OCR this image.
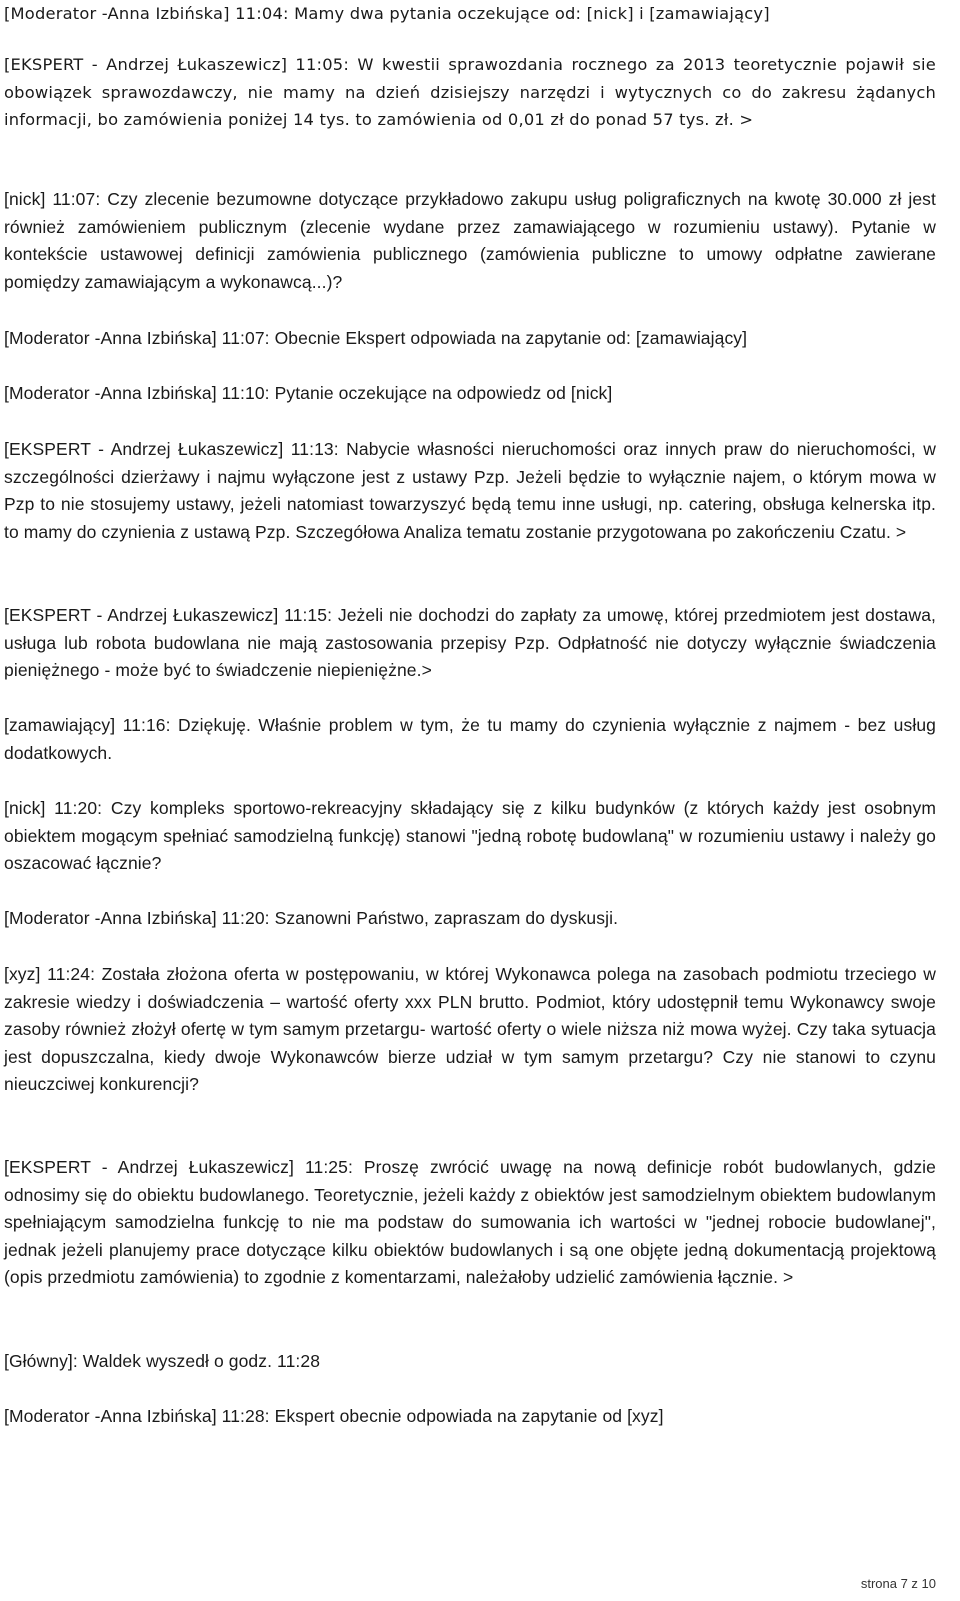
[Moderator -Anna Izbińska] 11:04: Mamy dwa pytania oczekujące od: [nick] i [zamawiający]

[EKSPERT - Andrzej Łukaszewicz] 11:05: W kwestii sprawozdania rocznego za 2013 teoretycznie pojawił sie obowiązek sprawozdawczy, nie mamy na dzień dzisiejszy narzędzi i wytycznych co do zakresu żądanych informacji, bo zamówienia poniżej 14 tys. to zamówienia od 0,01 zł do ponad 57 tys. zł. >

[nick] 11:07: Czy zlecenie bezumowne dotyczące przykładowo zakupu usług poligraficznych na kwotę 30.000 zł jest również zamówieniem publicznym (zlecenie wydane przez zamawiającego w rozumieniu ustawy). Pytanie w kontekście ustawowej definicji zamówienia publicznego (zamówienia publiczne to umowy odpłatne zawierane pomiędzy zamawiającym a wykonawcą...)?

[Moderator -Anna Izbińska] 11:07: Obecnie Ekspert odpowiada na zapytanie od: [zamawiający]

[Moderator -Anna Izbińska] 11:10: Pytanie oczekujące na odpowiedz od [nick]

[EKSPERT - Andrzej Łukaszewicz] 11:13: Nabycie własności nieruchomości oraz innych praw do nieruchomości, w szczególności dzierżawy i najmu wyłączone jest z ustawy Pzp. Jeżeli będzie to wyłącznie najem, o którym mowa w Pzp to nie stosujemy ustawy, jeżeli natomiast towarzyszyć będą temu inne usługi, np. catering, obsługa kelnerska itp. to mamy do czynienia z ustawą Pzp. Szczegółowa Analiza tematu zostanie przygotowana po zakończeniu Czatu. >

[EKSPERT - Andrzej Łukaszewicz] 11:15: Jeżeli nie dochodzi do zapłaty za umowę, której przedmiotem jest dostawa, usługa lub robota budowlana nie mają zastosowania przepisy Pzp. Odpłatność nie dotyczy wyłącznie świadczenia pieniężnego - może być to świadczenie niepieniężne.>

[zamawiający] 11:16: Dziękuję. Właśnie problem w tym, że tu mamy do czynienia wyłącznie z najmem - bez usług dodatkowych.

[nick] 11:20: Czy kompleks sportowo-rekreacyjny składający się z kilku budynków (z których każdy jest osobnym obiektem mogącym spełniać samodzielną funkcję) stanowi "jedną robotę budowlaną" w rozumieniu ustawy i należy go oszacować łącznie?

[Moderator -Anna Izbińska] 11:20: Szanowni Państwo, zapraszam do dyskusji.

[xyz] 11:24: Została złożona oferta w postępowaniu, w której Wykonawca polega na zasobach podmiotu trzeciego w zakresie wiedzy i doświadczenia – wartość oferty xxx PLN brutto. Podmiot, który udostępnił temu Wykonawcy swoje zasoby również złożył ofertę w tym samym przetargu- wartość oferty o wiele niższa niż mowa wyżej. Czy taka sytuacja jest dopuszczalna, kiedy dwoje Wykonawców bierze udział w tym samym przetargu? Czy nie stanowi to czynu nieuczciwej konkurencji?

[EKSPERT - Andrzej Łukaszewicz] 11:25: Proszę zwrócić uwagę na nową definicje robót budowlanych, gdzie odnosimy się do obiektu budowlanego. Teoretycznie, jeżeli każdy z obiektów jest samodzielnym obiektem budowlanym spełniającym samodzielna funkcję to nie ma podstaw do sumowania ich wartości w "jednej robocie budowlanej", jednak jeżeli planujemy prace dotyczące kilku obiektów budowlanych i są one objęte jedną dokumentacją projektową (opis przedmiotu zamówienia) to zgodnie z komentarzami, należałoby udzielić zamówienia łącznie. >

[Główny]: Waldek wyszedł o godz. 11:28

[Moderator -Anna Izbińska] 11:28: Ekspert obecnie odpowiada na zapytanie od [xyz]

strona 7 z 10
